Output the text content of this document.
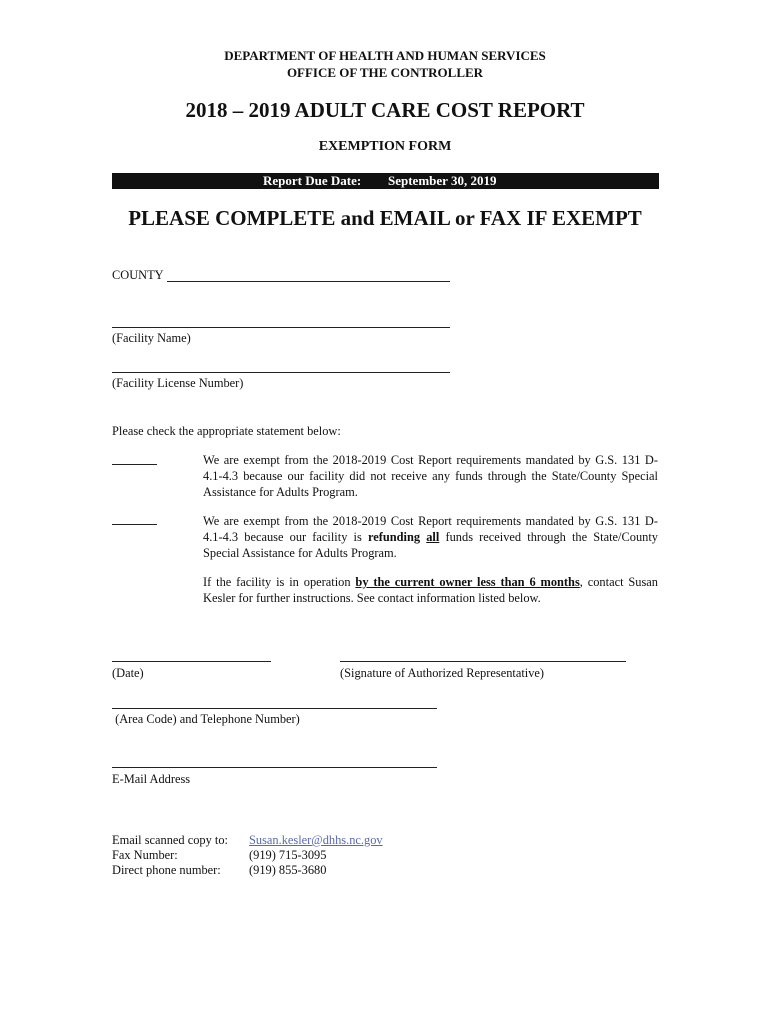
DEPARTMENT OF HEALTH AND HUMAN SERVICES
OFFICE OF THE CONTROLLER
2018 – 2019 ADULT CARE COST REPORT
EXEMPTION FORM
Report Due Date: September 30, 2019
PLEASE COMPLETE and EMAIL or FAX IF EXEMPT
COUNTY
(Facility Name)
(Facility License Number)
Please check the appropriate statement below:
We are exempt from the 2018-2019 Cost Report requirements mandated by G.S. 131 D-4.1-4.3 because our facility did not receive any funds through the State/County Special Assistance for Adults Program.
We are exempt from the 2018-2019 Cost Report requirements mandated by G.S. 131 D-4.1-4.3 because our facility is refunding all funds received through the State/County Special Assistance for Adults Program.
If the facility is in operation by the current owner less than 6 months, contact Susan Kesler for further instructions. See contact information listed below.
(Date)	(Signature of Authorized Representative)
(Area Code) and Telephone Number)
E-Mail Address
Email scanned copy to: Susan.kesler@dhhs.nc.gov
Fax Number:	(919) 715-3095
Direct phone number: (919) 855-3680
